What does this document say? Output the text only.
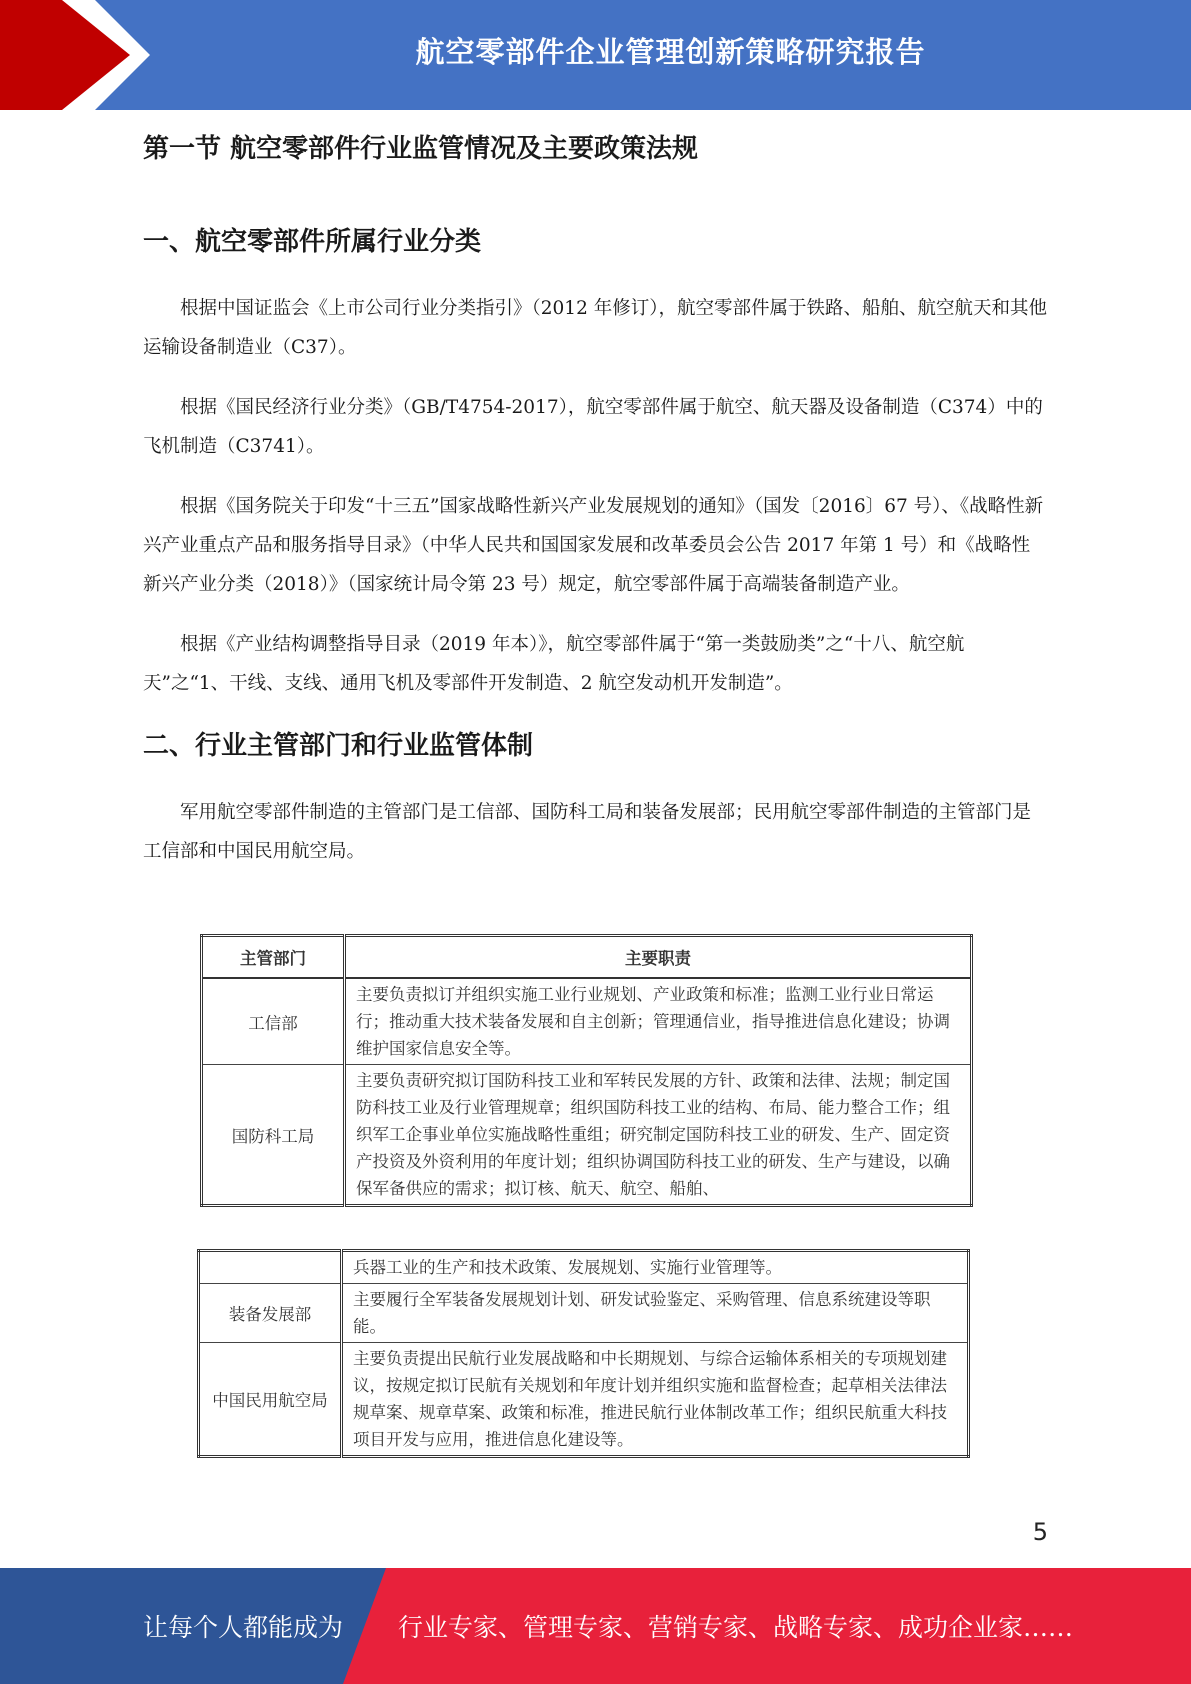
航空零部件企业管理创新策略研究报告
第一节 航空零部件行业监管情况及主要政策法规
一、航空零部件所属行业分类

根据中国证监会《上市公司行业分类指引》（2012 年修订），航空零部件属于铁路、船舶、航空航天和其他运输设备制造业（C37）。

根据《国民经济行业分类》（GB/T4754-2017），航空零部件属于航空、航天器及设备制造（C374）中的飞机制造（C3741）。

根据《国务院关于印发“十三五”国家战略性新兴产业发展规划的通知》（国发〔2016〕67 号）、《战略性新兴产业重点产品和服务指导目录》（中华人民共和国国家发展和改革委员会公告 2017 年第 1 号）和《战略性新兴产业分类（2018）》（国家统计局令第 23 号）规定，航空零部件属于高端装备制造产业。

根据《产业结构调整指导目录（2019 年本）》，航空零部件属于“第一类鼓励类”之“十八、航空航天”之“1、干线、支线、通用飞机及零部件开发制造、2 航空发动机开发制造”。

二、行业主管部门和行业监管体制

军用航空零部件制造的主管部门是工信部、国防科工局和装备发展部；民用航空零部件制造的主管部门是工信部和中国民用航空局。

主管部门	主要职责
工信部	主要负责拟订并组织实施工业行业规划、产业政策和标准；监测工业行业日常运行；推动重大技术装备发展和自主创新；管理通信业，指导推进信息化建设；协调维护国家信息安全等。
国防科工局	主要负责研究拟订国防科技工业和军转民发展的方针、政策和法律、法规；制定国防科技工业及行业管理规章；组织国防科技工业的结构、布局、能力整合工作；组织军工企事业单位实施战略性重组；研究制定国防科技工业的研发、生产、固定资产投资及外资利用的年度计划；组织协调国防科技工业的研发、生产与建设，以确保军备供应的需求；拟订核、航天、航空、船舶、
	兵器工业的生产和技术政策、发展规划、实施行业管理等。
装备发展部	主要履行全军装备发展规划计划、研发试验鉴定、采购管理、信息系统建设等职能。
中国民用航空局	主要负责提出民航行业发展战略和中长期规划、与综合运输体系相关的专项规划建议，按规定拟订民航有关规划和年度计划并组织实施和监督检查；起草相关法律法规草案、规章草案、政策和标准，推进民航行业体制改革工作；组织民航重大科技项目开发与应用，推进信息化建设等。
5
让每个人都能成为 行业专家、管理专家、营销专家、战略专家、成功企业家……
